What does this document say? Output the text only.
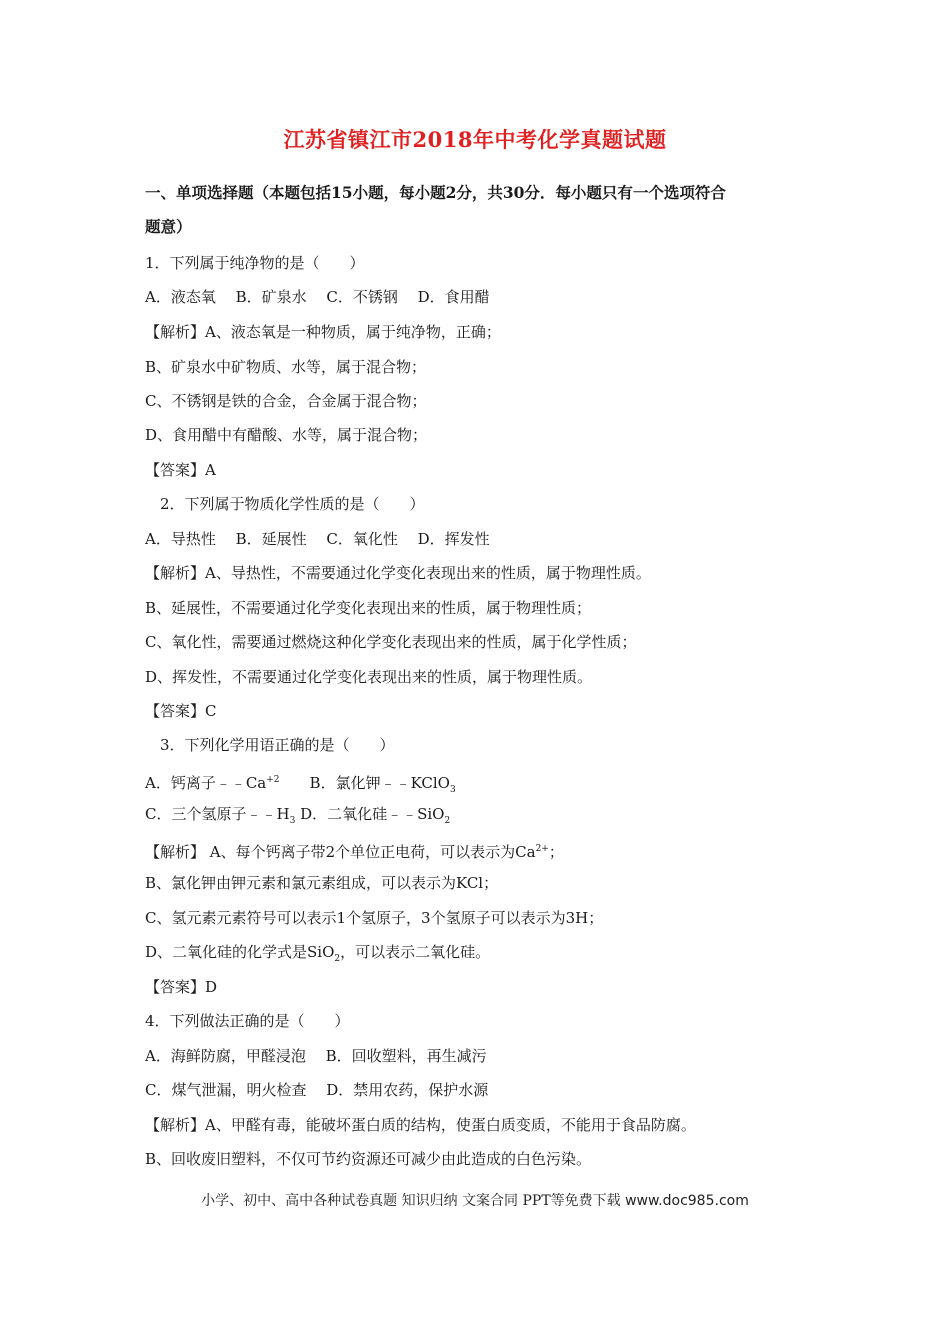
江苏省镇江市2018年中考化学真题试题
一、单项选择题（本题包括15小题，每小题2分，共30分．每小题只有一个选项符合
题意）
1．下列属于纯净物的是（　　）
A．液态氧　 B．矿泉水　 C．不锈钢　 D．食用醋
【解析】A、液态氧是一种物质，属于纯净物，正确；
B、矿泉水中矿物质、水等，属于混合物；
C、不锈钢是铁的合金，合金属于混合物；
D、食用醋中有醋酸、水等，属于混合物；
【答案】A
2．下列属于物质化学性质的是（　　）
A．导热性　 B．延展性　 C．氧化性　 D．挥发性
【解析】A、导热性，不需要通过化学变化表现出来的性质，属于物理性质。
B、延展性，不需要通过化学变化表现出来的性质，属于物理性质；
C、氧化性，需要通过燃烧这种化学变化表现出来的性质，属于化学性质；
D、挥发性，不需要通过化学变化表现出来的性质，属于物理性质。
【答案】C
3．下列化学用语正确的是（　　）
A．钙离子$﹣﹣Ca^{+2}$　　B．氯化钾﹣﹣KClO$_3$
C．三个氢原子$﹣﹣H_3$ D．二氧化硅﹣﹣SiO$_2$
【解析】 A、每个钙离子带2个单位正电荷，可以表示为$Ca^{2+}$；
B、氯化钾由钾元素和氯元素组成，可以表示为KCl；
C、氢元素元素符号可以表示1个氢原子，3个氢原子可以表示为3H；
D、二氧化硅的化学式是SiO$_2$，可以表示二氧化硅。
【答案】D
4．下列做法正确的是（　　）
A．海鲜防腐，甲醛浸泡　 B．回收塑料，再生减污
C．煤气泄漏，明火检查　 D．禁用农药，保护水源
【解析】A、甲醛有毒，能破坏蛋白质的结构，使蛋白质变质，不能用于食品防腐。
B、回收废旧塑料，不仅可节约资源还可减少由此造成的白色污染。
小学、初中、高中各种试卷真题 知识归纳 文案合同 PPT等免费下载 www.doc985.com
